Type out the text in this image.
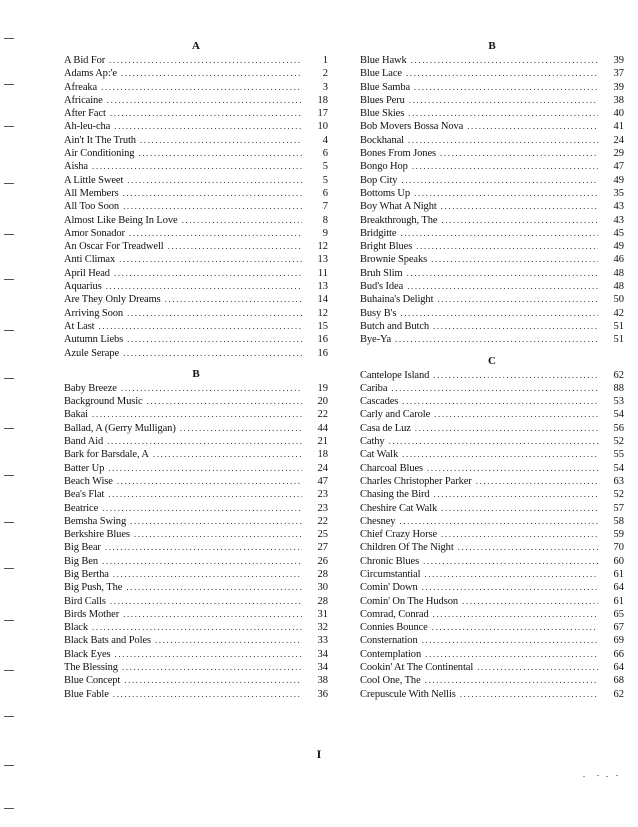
A
A Bid For .....	1
Adams Ap:'e .....	2
Afreaka .....	3
Africaine .....	18
After Fact .....	17
Ah-leu-cha .....	10
Ain't It The Truth .....	4
Air Conditioning .....	6
Aisha .....	5
A Little Sweet .....	5
All Members .....	6
All Too Soon .....	7
Almost Like Being In Love .....	8
Amor Sonador .....	9
An Oscar For Treadwell .....	12
Anti Climax .....	13
April Head .....	11
Aquarius .....	13
Are They Only Dreams .....	14
Arriving Soon .....	12
At Last .....	15
Autumn Liebs .....	16
Azule Serape .....	16
B
Baby Breeze .....	19
Background Music .....	20
Bakai .....	22
Ballad, A (Gerry Mulligan) .....	44
Band Aid .....	21
Bark for Barsdale, A .....	18
Batter Up .....	24
Beach Wise .....	47
Bea's Flat .....	23
Beatrice .....	23
Bemsha Swing .....	22
Berkshire Blues .....	25
Big Bear .....	27
Big Ben .....	26
Big Bertha .....	28
Big Push, The .....	30
Bird Calls .....	28
Birds Mother .....	31
Black .....	32
Black Bats and Poles .....	33
Black Eyes .....	34
The Blessing .....	34
Blue Concept .....	38
Blue Fable .....	36
B
Blue Hawk .....	39
Blue Lace .....	37
Blue Samba .....	39
Blues Peru .....	38
Blue Skies .....	40
Bob Movers Bossa Nova .....	41
Bockhanal .....	24
Bones From Jones .....	29
Bongo Hop .....	47
Bop City .....	49
Bottoms Up .....	35
Boy What A Night .....	43
Breakthrough, The .....	43
Bridgitte .....	45
Bright Blues .....	49
Brownie Speaks .....	46
Bruh Slim .....	48
Bud's Idea .....	48
Buhaina's Delight .....	50
Busy B's .....	42
Butch and Butch .....	51
Bye-Ya .....	51
C
Cantelope Island .....	62
Cariba .....	88
Cascades .....	53
Carly and Carole .....	54
Casa de Luz .....	56
Cathy .....	52
Cat Walk .....	55
Charcoal Blues .....	54
Charles Christopher Parker .....	63
Chasing the Bird .....	52
Cheshire Cat Walk .....	57
Chesney .....	58
Chief Crazy Horse .....	59
Children Of The Night .....	70
Chronic Blues .....	60
Circumstantial .....	61
Comin' Down .....	64
Comin' On The Hudson .....	61
Comrad, Conrad .....	65
Connies Bounce .....	67
Consternation .....	69
Contemplation .....	66
Cookin' At The Continental .....	64
Cool One, The .....	68
Crepuscule With Nellis .....	62
I
